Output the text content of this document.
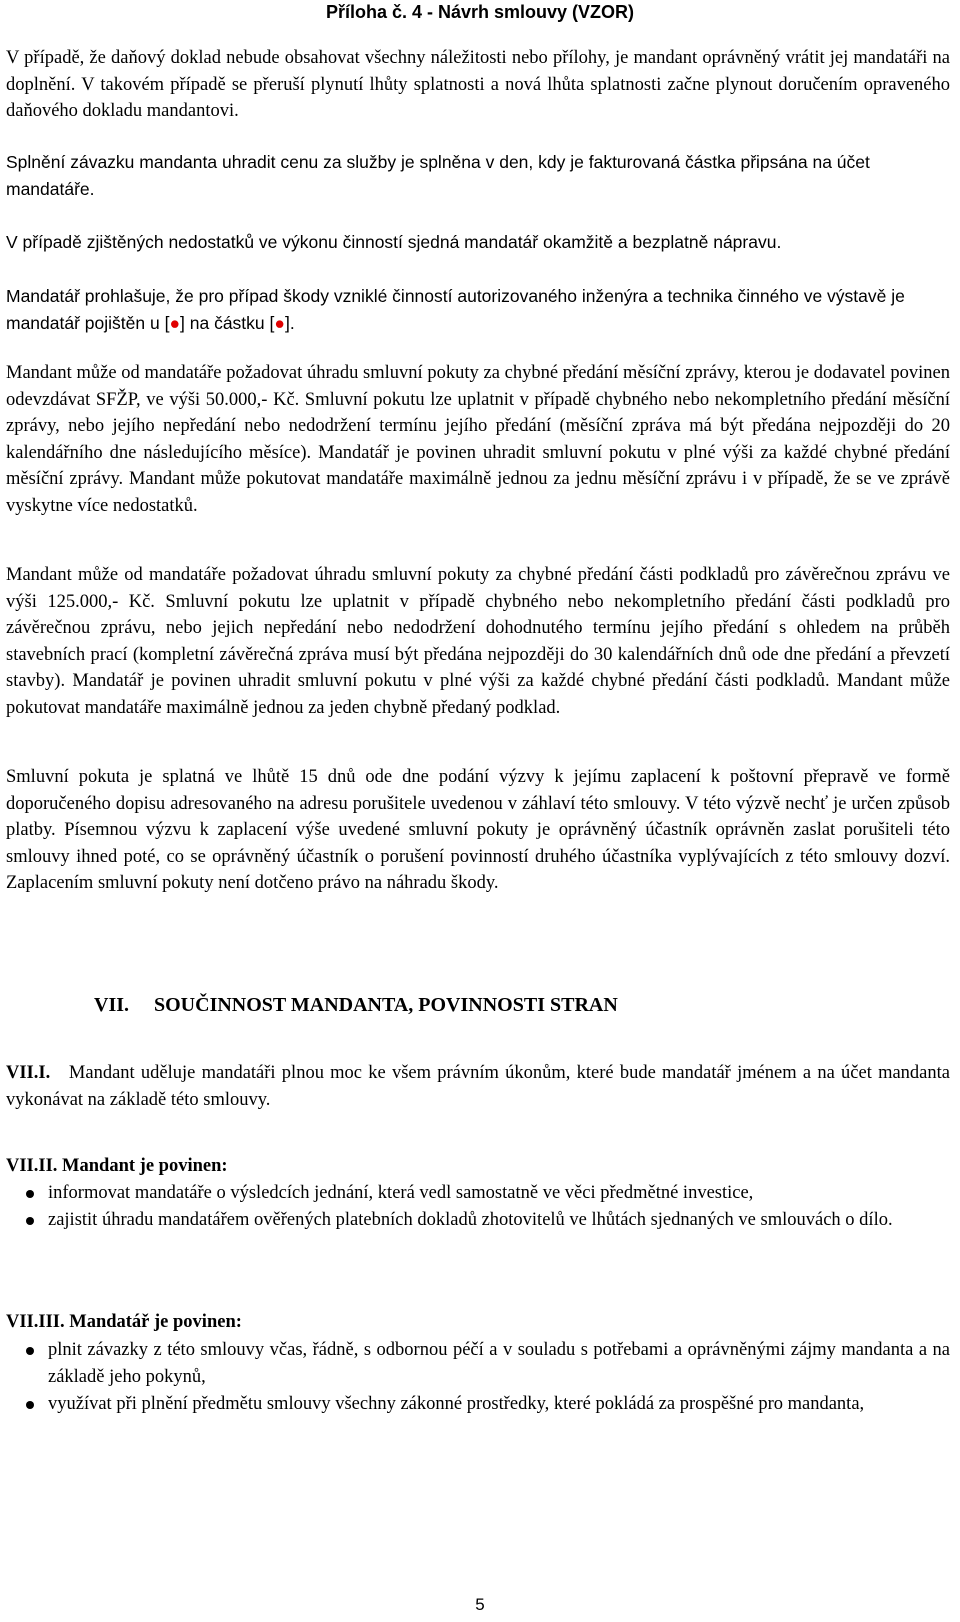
Příloha č. 4 - Návrh smlouvy (VZOR)

V případě, že daňový doklad nebude obsahovat všechny náležitosti nebo přílohy, je mandant oprávněný vrátit jej mandatáři na doplnění. V takovém případě se přeruší plynutí lhůty splatnosti a nová lhůta splatnosti začne plynout doručením opraveného daňového dokladu mandantovi.

Splnění závazku mandanta uhradit cenu za služby je splněna v den, kdy je fakturovaná částka připsána na účet mandatáře.

V případě zjištěných nedostatků ve výkonu činností sjedná mandatář okamžitě a bezplatně nápravu.

Mandatář prohlašuje, že pro případ škody vzniklé činností autorizovaného inženýra a technika činného ve výstavě je mandatář pojištěn u [●] na částku [●].

Mandant může od mandatáře požadovat úhradu smluvní pokuty za chybné předání měsíční zprávy, kterou je dodavatel povinen odevzdávat SFŽP, ve výši 50.000,- Kč. Smluvní pokutu lze uplatnit v případě chybného nebo nekompletního předání měsíční zprávy, nebo jejího nepředání nebo nedodržení termínu jejího předání (měsíční zpráva má být předána nejpozději do 20 kalendářního dne následujícího měsíce). Mandatář je povinen uhradit smluvní pokutu v plné výši za každé chybné předání měsíční zprávy. Mandant může pokutovat mandatáře maximálně jednou za jednu měsíční zprávu i v případě, že se ve zprávě vyskytne více nedostatků.

Mandant může od mandatáře požadovat úhradu smluvní pokuty za chybné předání části podkladů pro závěrečnou zprávu ve výši 125.000,- Kč. Smluvní pokutu lze uplatnit v případě chybného nebo nekompletního předání části podkladů pro závěrečnou zprávu, nebo jejich nepředání nebo nedodržení dohodnutého termínu jejího předání s ohledem na průběh stavebních prací (kompletní závěrečná zpráva musí být předána nejpozději do 30 kalendářních dnů ode dne předání a převzetí stavby). Mandatář je povinen uhradit smluvní pokutu v plné výši za každé chybné předání části podkladů. Mandant může pokutovat mandatáře maximálně jednou za jeden chybně předaný podklad.

Smluvní pokuta je splatná ve lhůtě 15 dnů ode dne podání výzvy k jejímu zaplacení k poštovní přepravě ve formě doporučeného dopisu adresovaného na adresu porušitele uvedenou v záhlaví této smlouvy. V této výzvě nechť je určen způsob platby. Písemnou výzvu k zaplacení výše uvedené smluvní pokuty je oprávněný účastník oprávněn zaslat porušiteli této smlouvy ihned poté, co se oprávněný účastník o porušení povinností druhého účastníka vyplývajících z této smlouvy dozví. Zaplacením smluvní pokuty není dotčeno právo na náhradu škody.

VII. SOUČINNOST MANDANTA, POVINNOSTI STRAN

VII.I. Mandant uděluje mandatáři plnou moc ke všem právním úkonům, které bude mandatář jménem a na účet mandanta vykonávat na základě této smlouvy.

VII.II. Mandant je povinen:
informovat mandatáře o výsledcích jednání, která vedl samostatně ve věci předmětné investice,
zajistit úhradu mandatářem ověřených platebních dokladů zhotovitelů ve lhůtách sjednaných ve smlouvách o dílo.
VII.III. Mandatář je povinen:
plnit závazky z této smlouvy včas, řádně, s odbornou péčí a v souladu s potřebami a oprávněnými zájmy mandanta a na základě jeho pokynů,
využívat při plnění předmětu smlouvy všechny zákonné prostředky, které pokládá za prospěšné pro mandanta,
5
